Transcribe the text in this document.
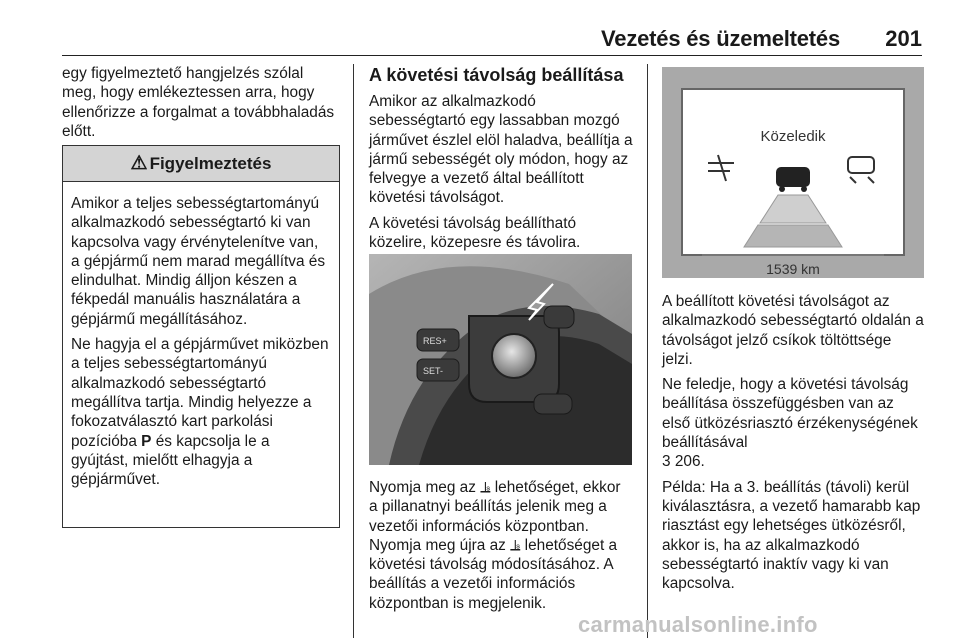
Vezetés és üzemeltetés 201

egy figyelmeztető hangjelzés szólal meg, hogy emlékeztessen arra, hogy ellenőrizze a forgalmat a továbbhaladás előtt.

⚠ Figyelmeztetés

Amikor a teljes sebességtartományú alkalmazkodó sebességtartó ki van kapcsolva vagy érvénytelenítve van, a gépjármű nem marad megállítva és elindulhat. Mindig álljon készen a fékpedál manuális használatára a gépjármű megállításához.

Ne hagyja el a gépjárművet miközben a teljes sebességtartományú alkalmazkodó sebességtartó megállítva tartja. Mindig helyezze a fokozatválasztó kart parkolási pozícióba P és kapcsolja le a gyújtást, mielőtt elhagyja a gépjárművet.

A követési távolság beállítása

Amikor az alkalmazkodó sebességtartó egy lassabban mozgó járművet észlel elöl haladva, beállítja a jármű sebességét oly módon, hogy az felvegye a vezető által beállított követési távolságot.

A követési távolság beállítható közelire, közepesre és távolira.

RES+
SET-

Nyomja meg az ⫡ lehetőséget, ekkor a pillanatnyi beállítás jelenik meg a vezetői információs központban. Nyomja meg újra az ⫡ lehetőséget a követési távolság módosításához. A beállítás a vezetői információs központban is megjelenik.

Közeledik
1539 km

A beállított követési távolságot az alkalmazkodó sebességtartó oldalán a távolságot jelző csíkok töltöttsége jelzi.

Ne feledje, hogy a követési távolság beállítása összefüggésben van az első ütközésriasztó érzékenységének beállításával
3 206.

Példa: Ha a 3. beállítás (távoli) kerül kiválasztásra, a vezető hamarabb kap riasztást egy lehetséges ütközésről, akkor is, ha az alkalmazkodó sebességtartó inaktív vagy ki van kapcsolva.

carmanualsonline.info
